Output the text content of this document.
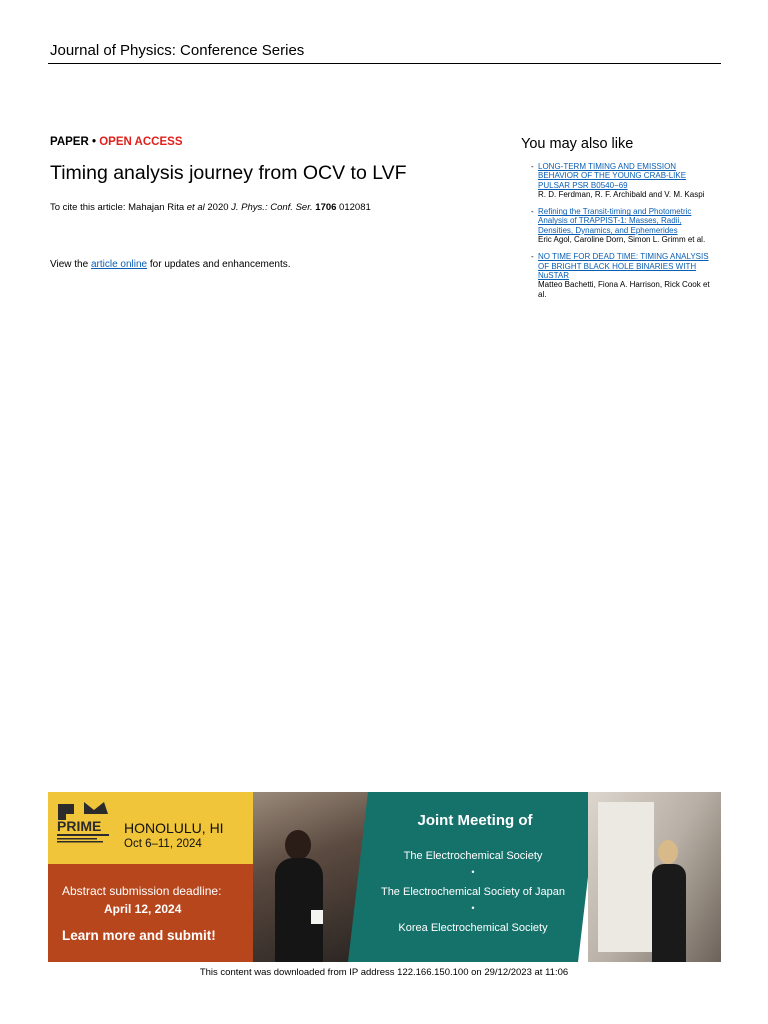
Journal of Physics: Conference Series
PAPER • OPEN ACCESS
Timing analysis journey from OCV to LVF
To cite this article: Mahajan Rita et al 2020 J. Phys.: Conf. Ser. 1706 012081
View the article online for updates and enhancements.
You may also like
- LONG-TERM TIMING AND EMISSION BEHAVIOR OF THE YOUNG CRAB-LIKE PULSAR PSR B0540−69
R. D. Ferdman, R. F. Archibald and V. M. Kaspi
- Refining the Transit-timing and Photometric Analysis of TRAPPIST-1: Masses, Radii, Densities, Dynamics, and Ephemerides
Eric Agol, Caroline Dorn, Simon L. Grimm et al.
- NO TIME FOR DEAD TIME: TIMING ANALYSIS OF BRIGHT BLACK HOLE BINARIES WITH NuSTAR
Matteo Bachetti, Fiona A. Harrison, Rick Cook et al.
PRIME HONOLULU, HI
Oct 6–11, 2024
Abstract submission deadline:
April 12, 2024
Learn more and submit!
Joint Meeting of
The Electrochemical Society
•
The Electrochemical Society of Japan
•
Korea Electrochemical Society
This content was downloaded from IP address 122.166.150.100 on 29/12/2023 at 11:06
